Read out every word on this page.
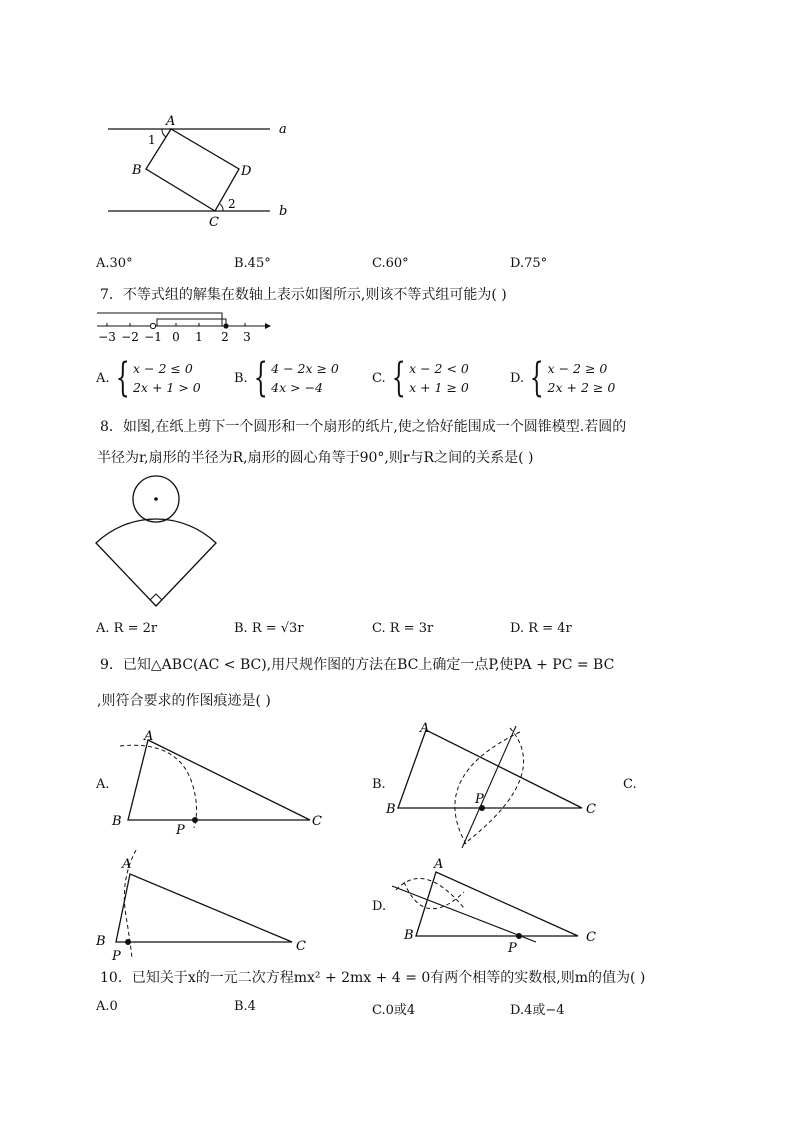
A
B
C
D
a
b
1
2
A.30°	B.45°	C.60°	D.75°
7．不等式组的解集在数轴上表示如图所示,则该不等式组可能为( )
−3 −2 −1 0 1 2 3
A. { x − 2 ≤ 0
2x + 1 > 0
B. { 4 − 2x ≥ 0
4x > −4
C. { x − 2 < 0
x + 1 ≥ 0
D. { x − 2 ≥ 0
2x + 2 ≥ 0
8．如图,在纸上剪下一个圆形和一个扇形的纸片,使之恰好能围成一个圆锥模型.若圆的
半径为r,扇形的半径为R,扇形的圆心角等于90°,则r与R之间的关系是( )
A. R = 2r	B. R = √3r	C. R = 3r	D. R = 4r
9．已知△ABC(AC < BC),用尺规作图的方法在BC上确定一点P,使PA + PC = BC
,则符合要求的作图痕迹是( )
A.
A
B	C
P
B.
A
B	C
P
C.
A
B	C
P
D.
A
B	C
P
10．已知关于x的一元二次方程mx² + 2mx + 4 = 0有两个相等的实数根,则m的值为( )
A.0	B.4	C.0或4	D.4或−4
